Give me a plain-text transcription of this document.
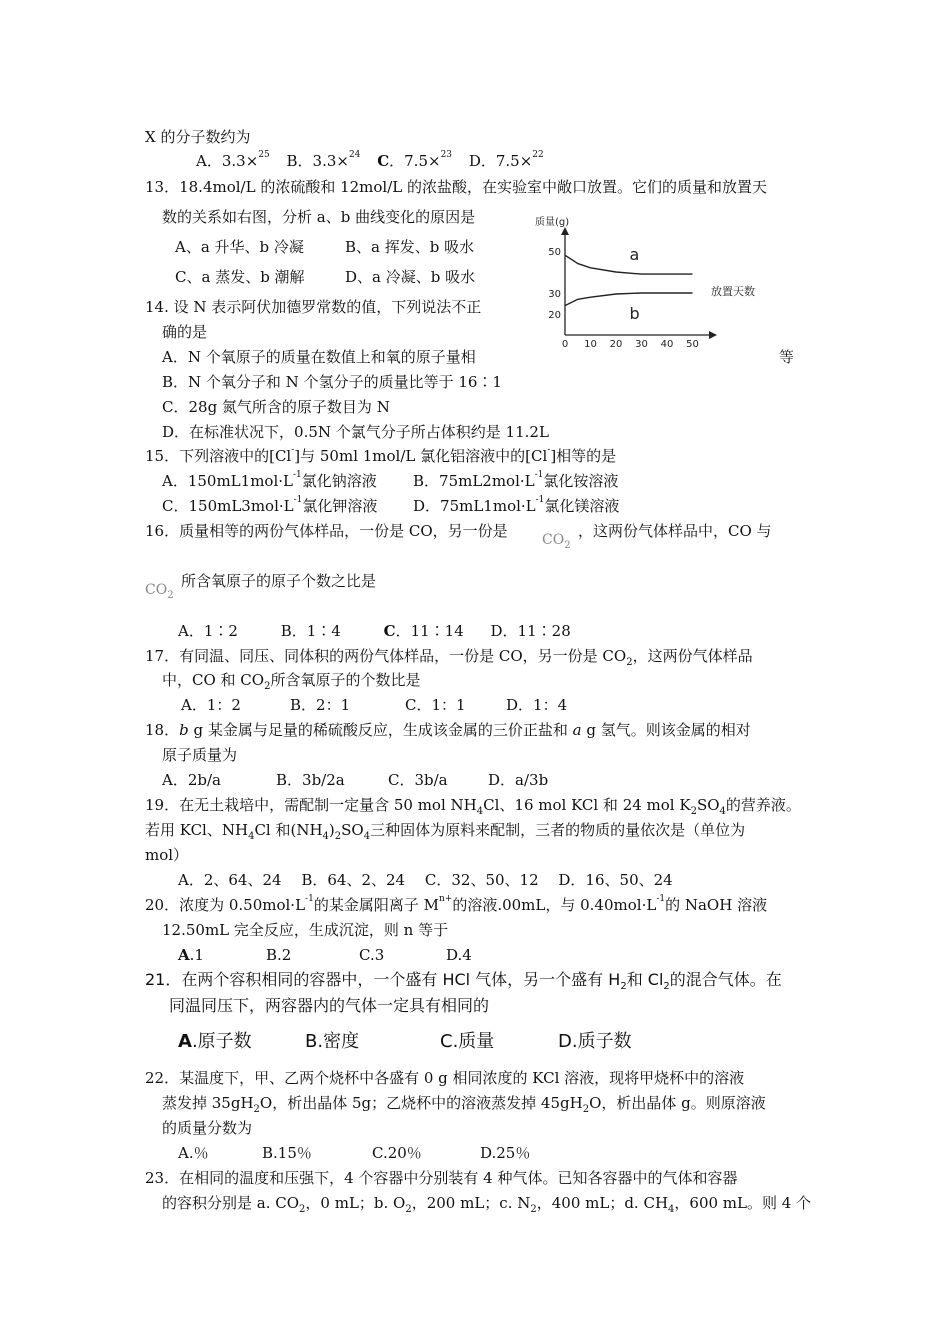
X 的分子数约为
A．3.3×$^{25}$ B．3.3×$^{24}$ C．7.5×$^{23}$ D．7.5×$^{22}$
13．18.4mol/L 的浓硫酸和 12mol/L 的浓盐酸，在实验室中敞口放置。它们的质量和放置天
数的关系如右图，分析 a、b 曲线变化的原因是
A、a 升华、b 冷凝	B、a 挥发、b 吸水
C、a 蒸发、b 潮解	D、a 冷凝、b 吸水
0 10 20 30 40 50
50
30
20
a
b
质量(g)
放置天数
14. 设 N 表示阿伏加德罗常数的值，下列说法不正
确的是
A．N 个氧原子的质量在数值上和氧的原子量相	等
B．N 个氧分子和 N 个氢分子的质量比等于 16∶1
C．28g 氮气所含的原子数目为 N
D．在标准状况下，0.5N 个氯气分子所占体积约是 11.2L
15．下列溶液中的[Cl-]与 50ml 1mol/L 氯化铝溶液中的[Cl-]相等的是
A．$150mL1mol\cdot L^{-1}$氯化钠溶液 B．$75mL2mol\cdot L^{-1}$氯化铵溶液
C．$150mL3mol\cdot L^{-1}$氯化钾溶液 D．$75mL1mol\cdot L^{-1}$氯化镁溶液
16．质量相等的两份气体样品，一份是 CO，另一份是 $CO_2$
，这两份气体样品中，CO 与
$CO_2$
所含氧原子的原子个数之比是
A．1∶2	B．1∶4	C．11∶14 D．11∶28
17．有同温、同压、同体积的两份气体样品，一份是 CO，另一份是 $CO_2$，这两份气体样品
中，CO 和 $CO_2$所含氧原子的个数比是
A．1：2	B．2：1	C．1：1	D．1：4
18．b g 某金属与足量的稀硫酸反应，生成该金属的三价正盐和 a g 氢气。则该金属的相对
原子质量为
A．2b/a	B．3b/2a	C．3b/a	D．a/3b
19．在无土栽培中，需配制一定量含 50 mol $NH_4Cl$、16 mol KCl 和 24 mol $K_2SO_4$的营养液。
若用 KCl、$NH_4Cl$ 和$(NH_4)_2SO_4$三种固体为原料来配制，三者的物质的量依次是（单位为
mol）
A．2、64、24 B．64、2、24 C．32、50、12 D．16、50、24
20．浓度为 $0.50mol\cdot L^{-1}$的某金属阳离子 $M^{n+}$的溶液.00mL，与 $0.40mol\cdot L^{-1}$的 NaOH 溶液
12.50mL 完全反应，生成沉淀，则 n 等于
A.1	B.2	C.3	D.4
21．在两个容积相同的容器中，一个盛有 HCl 气体，另一个盛有 $H_2$和 $Cl_2$的混合气体。在
同温同压下，两容器内的气体一定具有相同的
A.原子数	B.密度	C.质量	D.质子数
22．某温度下，甲、乙两个烧杯中各盛有 0 g 相同浓度的 KCl 溶液，现将甲烧杯中的溶液
蒸发掉 $35gH_2O$，析出晶体 5g；乙烧杯中的溶液蒸发掉 $45gH_2O$，析出晶体 g。则原溶液
的质量分数为
A.％	B.15％	C.20％	D.25％
23．在相同的温度和压强下，4 个容器中分别装有 4 种气体。已知各容器中的气体和容器
的容积分别是 a. $CO_2$，0 mL；b. $O_2$，200 mL；c. $N_2$，400 mL；d. $CH_4$，600 mL。则 4 个
